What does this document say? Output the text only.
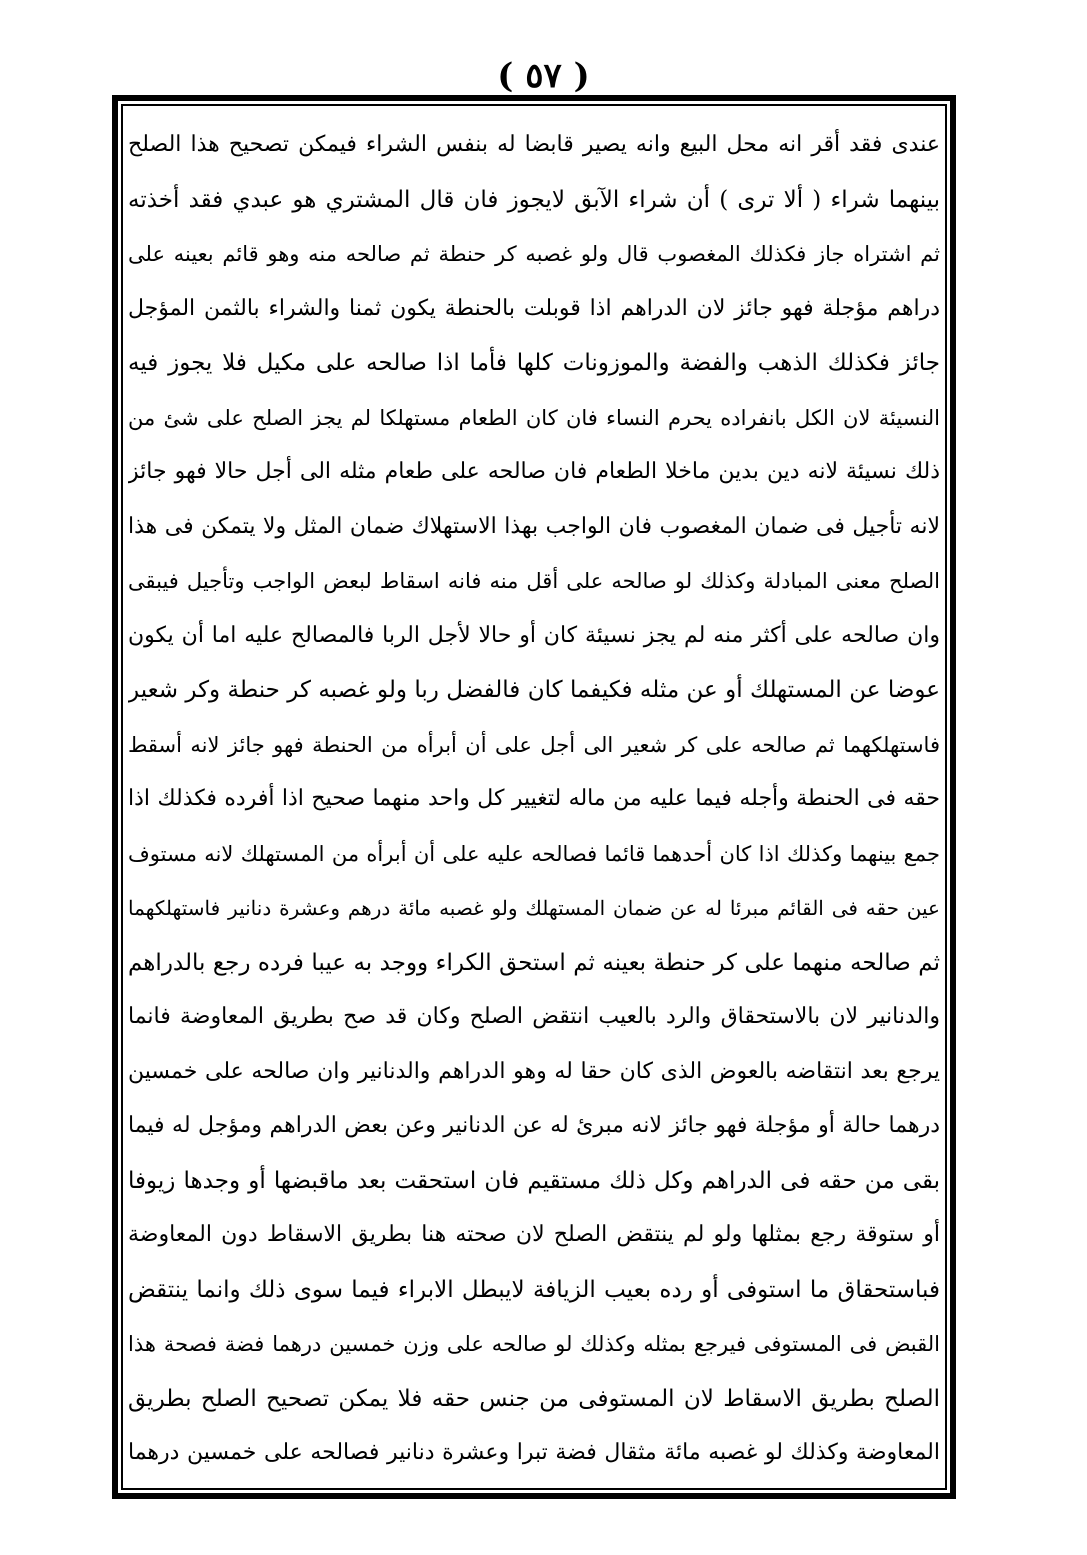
( ٥٧ )
عندى فقد أقر انه محل البيع وانه يصير قابضا له بنفس الشراء فيمكن تصحيح هذا الصلح
بينهما شراء ( ألا ترى ) أن شراء الآبق لايجوز فان قال المشتري هو عبدي فقد أخذته
ثم اشتراه جاز فكذلك المغصوب قال ولو غصبه كر حنطة ثم صالحه منه وهو قائم بعينه على
دراهم مؤجلة فهو جائز لان الدراهم اذا قوبلت بالحنطة يكون ثمنا والشراء بالثمن المؤجل
جائز فكذلك الذهب والفضة والموزونات كلها فأما اذا صالحه على مكيل فلا يجوز فيه
النسيئة لان الكل بانفراده يحرم النساء فان كان الطعام مستهلكا لم يجز الصلح على شئ من
ذلك نسيئة لانه دين بدين ماخلا الطعام فان صالحه على طعام مثله الى أجل حالا فهو جائز
لانه تأجيل فى ضمان المغصوب فان الواجب بهذا الاستهلاك ضمان المثل ولا يتمكن فى هذا
الصلح معنى المبادلة وكذلك لو صالحه على أقل منه فانه اسقاط لبعض الواجب وتأجيل فيبقى
وان صالحه على أكثر منه لم يجز نسيئة كان أو حالا لأجل الربا فالمصالح عليه اما أن يكون
عوضا عن المستهلك أو عن مثله فكيفما كان فالفضل ربا ولو غصبه كر حنطة وكر شعير
فاستهلكهما ثم صالحه على كر شعير الى أجل على أن أبرأه من الحنطة فهو جائز لانه أسقط
حقه فى الحنطة وأجله فيما عليه من ماله لتغيير كل واحد منهما صحيح اذا أفرده فكذلك اذا
جمع بينهما وكذلك اذا كان أحدهما قائما فصالحه عليه على أن أبرأه من المستهلك لانه مستوف
عين حقه فى القائم مبرئا له عن ضمان المستهلك ولو غصبه مائة درهم وعشرة دنانير فاستهلكهما
ثم صالحه منهما على كر حنطة بعينه ثم استحق الكراء ووجد به عيبا فرده رجع بالدراهم
والدنانير لان بالاستحقاق والرد بالعيب انتقض الصلح وكان قد صح بطريق المعاوضة فانما
يرجع بعد انتقاضه بالعوض الذى كان حقا له وهو الدراهم والدنانير وان صالحه على خمسين
درهما حالة أو مؤجلة فهو جائز لانه مبرئ له عن الدنانير وعن بعض الدراهم ومؤجل له فيما
بقى من حقه فى الدراهم وكل ذلك مستقيم فان استحقت بعد ماقبضها أو وجدها زيوفا
أو ستوقة رجع بمثلها ولو لم ينتقض الصلح لان صحته هنا بطريق الاسقاط دون المعاوضة
فباستحقاق ما استوفى أو رده بعيب الزيافة لايبطل الابراء فيما سوى ذلك وانما ينتقض
القبض فى المستوفى فيرجع بمثله وكذلك لو صالحه على وزن خمسين درهما فضة فصحة هذا
الصلح بطريق الاسقاط لان المستوفى من جنس حقه فلا يمكن تصحيح الصلح بطريق
المعاوضة وكذلك لو غصبه مائة مثقال فضة تبرا وعشرة دنانير فصالحه على خمسين درهما
